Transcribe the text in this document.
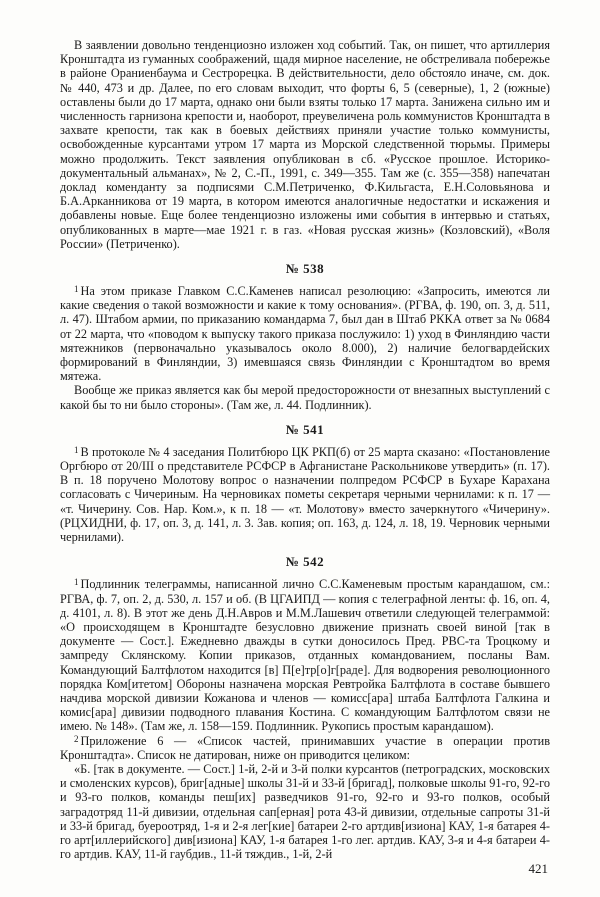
В заявлении довольно тенденциозно изложен ход событий. Так, он пишет, что артиллерия Кронштадта из гуманных соображений, щадя мирное население, не обстреливала побережье в районе Ораниенбаума и Сестрорецка. В действительности, дело обстояло иначе, см. док. № 440, 473 и др. Далее, по его словам выходит, что форты 6, 5 (северные), 1, 2 (южные) оставлены были до 17 марта, однако они были взяты только 17 марта. Занижена сильно им и численность гарнизона крепости и, наоборот, преувеличена роль коммунистов Кронштадта в захвате крепости, так как в боевых действиях приняли участие только коммунисты, освобожденные курсантами утром 17 марта из Морской следственной тюрьмы. Примеры можно продолжить. Текст заявления опубликован в сб. «Русское прошлое. Историко-документальный альманах», № 2, С.-П., 1991, с. 349—355. Там же (с. 355—358) напечатан доклад коменданту за подписями С.М.Петриченко, Ф.Кильгаста, Е.Н.Соловьянова и Б.А.Арканникова от 19 марта, в котором имеются аналогичные недостатки и искажения и добавлены новые. Еще более тенденциозно изложены ими события в интервью и статьях, опубликованных в марте—мае 1921 г. в газ. «Новая русская жизнь» (Козловский), «Воля России» (Петриченко).

№ 538

$^1$ На этом приказе Главком С.С.Каменев написал резолюцию: «Запросить, имеются ли какие сведения о такой возможности и какие к тому основания». (РГВА, ф. 190, оп. 3, д. 511, л. 47). Штабом армии, по приказанию командарма 7, был дан в Штаб РККА ответ за № 0684 от 22 марта, что «поводом к выпуску такого приказа послужило: 1) уход в Финляндию части мятежников (первоначально указывалось около 8.000), 2) наличие белогвардейских формирований в Финляндии, 3) имевшаяся связь Финляндии с Кронштадтом во время мятежа.

Вообще же приказ является как бы мерой предосторожности от внезапных выступлений с какой бы то ни было стороны». (Там же, л. 44. Подлинник).

№ 541

$^1$ В протоколе № 4 заседания Политбюро ЦК РКП(б) от 25 марта сказано: «Постановление Оргбюро от 20/III о представителе РСФСР в Афганистане Раскольникове утвердить» (п. 17). В п. 18 поручено Молотову вопрос о назначении полпредом РСФСР в Бухаре Карахана согласовать с Чичериным. На черновиках пометы секретаря черными чернилами: к п. 17 — «т. Чичерину. Сов. Нар. Ком.», к п. 18 — «т. Молотову» вместо зачеркнутого «Чичерину». (РЦХИДНИ, ф. 17, оп. 3, д. 141, л. 3. Зав. копия; оп. 163, д. 124, л. 18, 19. Черновик черными чернилами).

№ 542

$^1$ Подлинник телеграммы, написанной лично С.С.Каменевым простым карандашом, см.: РГВА, ф. 7, оп. 2, д. 530, л. 157 и об. (В ЦГАИПД — копия с телеграфной ленты: ф. 16, оп. 4, д. 4101, л. 8). В этот же день Д.Н.Авров и М.М.Лашевич ответили следующей телеграммой: «О происходящем в Кронштадте безусловно движение признать своей виной [так в документе — Сост.]. Ежедневно дважды в сутки доносилось Пред. РВС-та Троцкому и зампреду Склянскому. Копии приказов, отданных командованием, посланы Вам. Командующий Балтфлотом находится [в] П[е]тр[о]г[раде]. Для водворения революционного порядка Ком[итетом] Обороны назначена морская Ревтройка Балтфлота в составе бывшего начдива морской дивизии Кожанова и членов — комисс[ара] штаба Балтфлота Галкина и комис[ара] дивизии подводного плавания Костина. С командующим Балтфлотом связи не имею. № 148». (Там же, л. 158—159. Подлинник. Рукопись простым карандашом).

$^2$ Приложение 6 — «Список частей, принимавших участие в операции против Кронштадта». Список не датирован, ниже он приводится целиком:

«Б. [так в документе. — Сост.] 1-й, 2-й и 3-й полки курсантов (петроградских, московских и смоленских курсов), бриг[адные] школы 31-й и 33-й [бригад], полковые школы 91-го, 92-го и 93-го полков, команды пеш[их] разведчиков 91-го, 92-го и 93-го полков, особый заградотряд 11-й дивизии, отдельная сап[ерная] рота 43-й дивизии, отдельные сапроты 31-й и 33-й бригад, буероотряд, 1-я и 2-я лег[кие] батареи 2-го артдив[изиона] КАУ, 1-я батарея 4-го арт[иллерийского] див[изиона] КАУ, 1-я батарея 1-го лег. артдив. КАУ, 3-я и 4-я батареи 4-го артдив. КАУ, 11-й гаубдив., 11-й тяждив., 1-й, 2-й

421
